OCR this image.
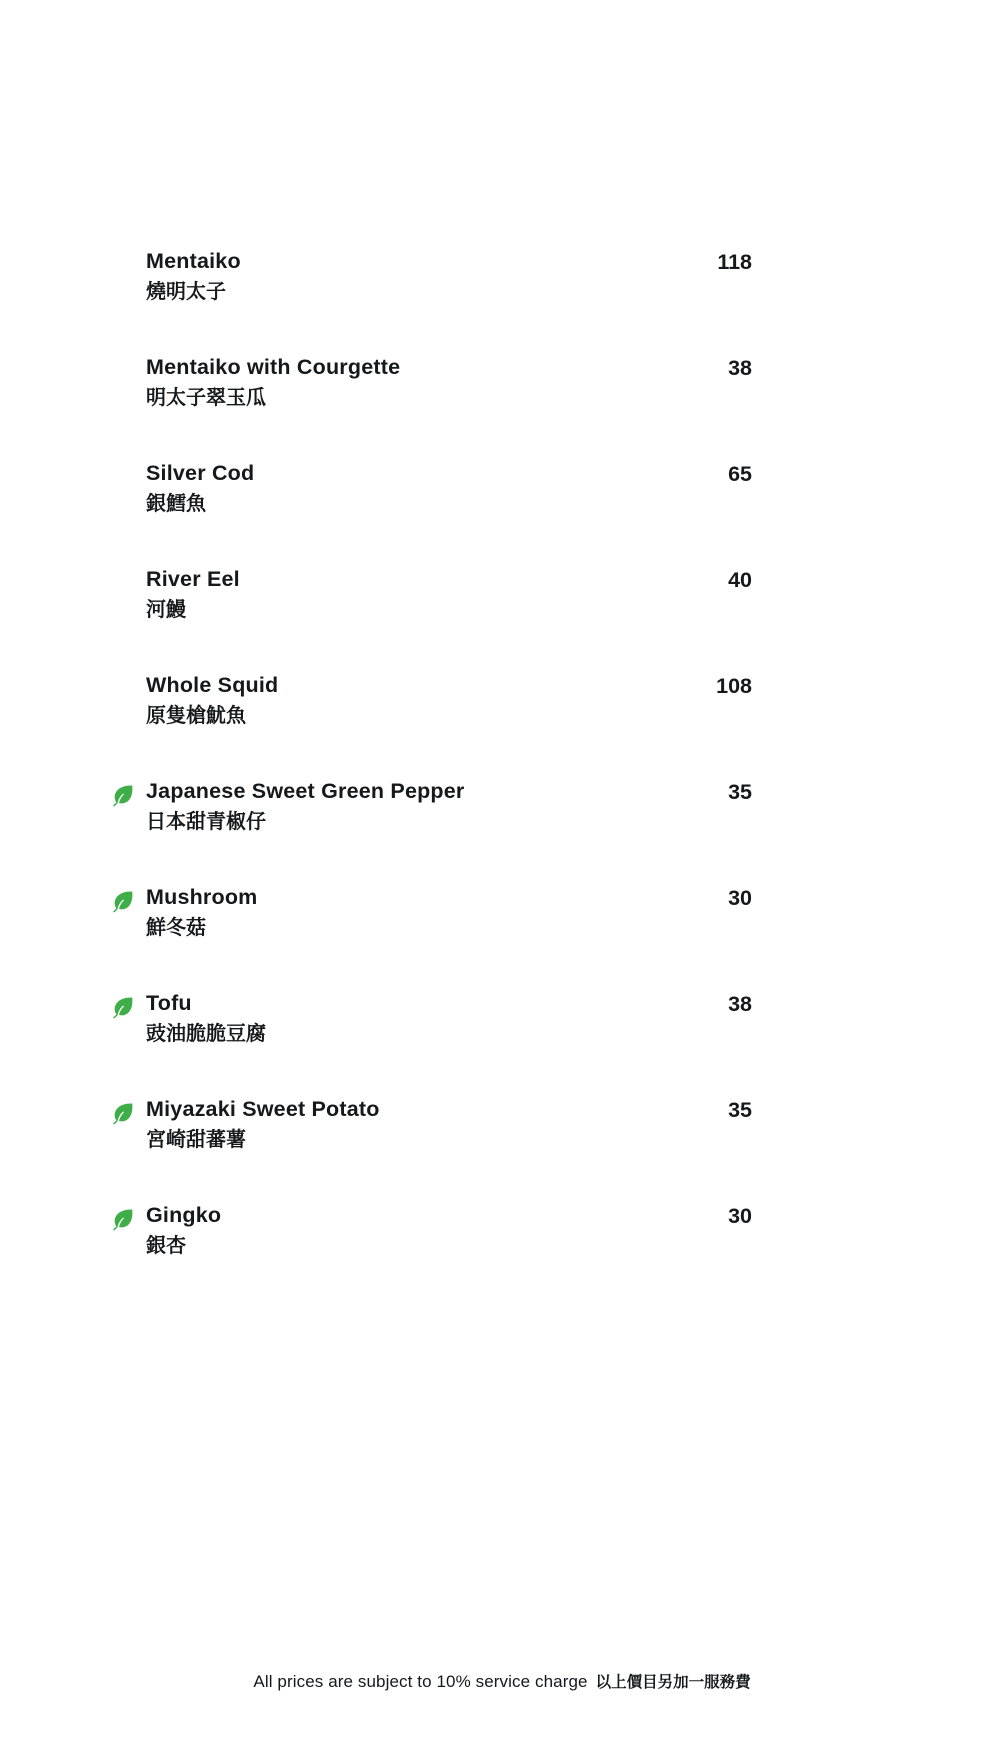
Mentaiko
燒明太子
118
Mentaiko with Courgette
明太子翠玉瓜
38
Silver Cod
銀鱈魚
65
River Eel
河鰻
40
Whole Squid
原隻槍魷魚
108
Japanese Sweet Green Pepper
日本甜青椒仔
35
Mushroom
鮮冬菇
30
Tofu
豉油脆脆豆腐
38
Miyazaki Sweet Potato
宮崎甜蕃薯
35
Gingko
銀杏
30
All prices are subject to 10% service charge 以上價目另加一服務費
